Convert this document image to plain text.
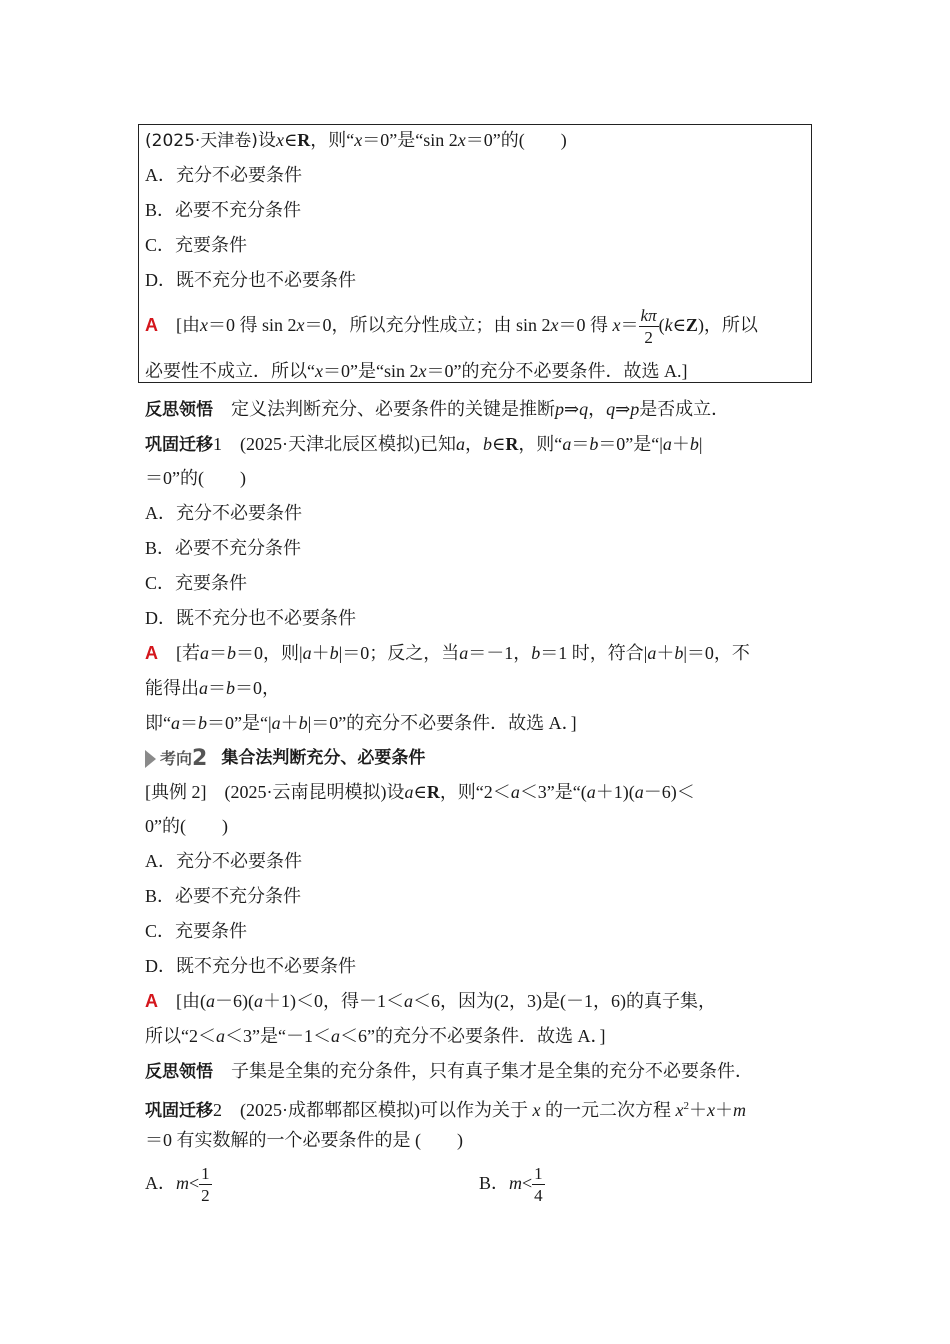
(2025·天津卷)设x∈R，则“x＝0”是“sin 2x＝0”的(　　)
A．充分不必要条件
B．必要不充分条件
C．充要条件
D．既不充分也不必要条件
A　 [由x＝0 得 sin 2x＝0，所以充分性成立；由 sin 2x＝0 得 $x= \frac{k\pi}{2}$ (k∈Z)，所以
必要性不成立．所以“x＝0”是“sin 2x＝0”的充分不必要条件．故选 A.]
反思领悟　 定义法判断充分、必要条件的关键是推断p⇒q，q⇒p是否成立．
巩固迁移1　 (2025·天津北辰区模拟)已知a，b∈R，则“a＝b＝0”是“|a＋b|
＝0”的(　　)
A．充分不必要条件
B．必要不充分条件
C．充要条件
D．既不充分也不必要条件
A　 [若a＝b＝0，则|a＋b|＝0；反之，当a＝－1，b＝1 时，符合|a＋b|＝0，不
能得出a＝b＝0，
即“a＝b＝0”是“|a＋b|＝0”的充分不必要条件．故选 A．]
考向2 集合法判断充分、必要条件
[典例 2]　 (2025·云南昆明模拟)设a∈R，则“2＜a＜3”是“(a＋1)(a－6)＜
0”的(　　)
A．充分不必要条件
B．必要不充分条件
C．充要条件
D．既不充分也不必要条件
A　 [由(a－6)(a＋1)＜0，得－1＜a＜6，因为(2，3)是(－1，6)的真子集，
所以“2＜a＜3”是“－1＜a＜6”的充分不必要条件．故选 A．]
反思领悟　 子集是全集的充分条件，只有真子集才是全集的充分不必要条件．
巩固迁移2　 (2025·成都郫都区模拟)可以作为关于 x 的一元二次方程 $x^2+x+m$
＝0 有实数解的一个必要条件的是 (　　)
A．$m< \frac{1}{2}$	B．$m< \frac{1}{4}$
